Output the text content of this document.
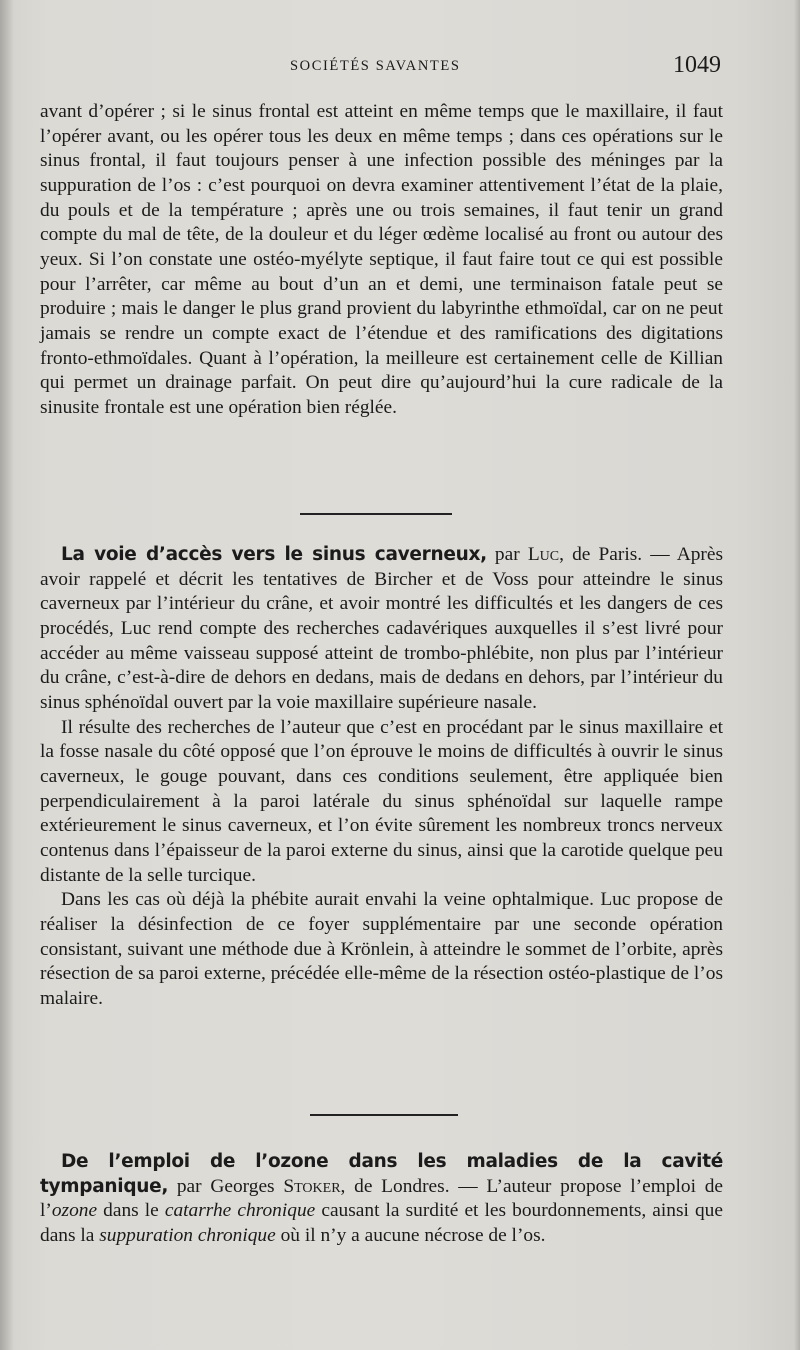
SOCIÉTÉS SAVANTES	1049

avant d’opérer ; si le sinus frontal est atteint en même temps que le maxillaire, il faut l’opérer avant, ou les opérer tous les deux en même temps ; dans ces opérations sur le sinus frontal, il faut toujours penser à une infection possible des méninges par la suppuration de l’os : c’est pourquoi on devra examiner attentivement l’état de la plaie, du pouls et de la température ; après une ou trois semaines, il faut tenir un grand compte du mal de tête, de la douleur et du léger œdème localisé au front ou autour des yeux. Si l’on constate une ostéo-myélyte septique, il faut faire tout ce qui est possible pour l’arrêter, car même au bout d’un an et demi, une terminaison fatale peut se produire ; mais le danger le plus grand provient du labyrinthe ethmoïdal, car on ne peut jamais se rendre un compte exact de l’étendue et des ramifications des digitations fronto-ethmoïdales. Quant à l’opération, la meilleure est certainement celle de Killian qui permet un drainage parfait. On peut dire qu’aujourd’hui la cure radicale de la sinusite frontale est une opération bien réglée.

La voie d’accès vers le sinus caverneux, par Luc, de Paris. — Après avoir rappelé et décrit les tentatives de Bircher et de Voss pour atteindre le sinus caverneux par l’intérieur du crâne, et avoir montré les difficultés et les dangers de ces procédés, Luc rend compte des recherches cadavériques auxquelles il s’est livré pour accéder au même vaisseau supposé atteint de trombo-phlébite, non plus par l’intérieur du crâne, c’est-à-dire de dehors en dedans, mais de dedans en dehors, par l’intérieur du sinus sphénoïdal ouvert par la voie maxillaire supérieure nasale.

Il résulte des recherches de l’auteur que c’est en procédant par le sinus maxillaire et la fosse nasale du côté opposé que l’on éprouve le moins de difficultés à ouvrir le sinus caverneux, le gouge pouvant, dans ces conditions seulement, être appliquée bien perpendiculairement à la paroi latérale du sinus sphénoïdal sur laquelle rampe extérieurement le sinus caverneux, et l’on évite sûrement les nombreux troncs nerveux contenus dans l’épaisseur de la paroi externe du sinus, ainsi que la carotide quelque peu distante de la selle turcique.

Dans les cas où déjà la phébite aurait envahi la veine ophtalmique. Luc propose de réaliser la désinfection de ce foyer supplémentaire par une seconde opération consistant, suivant une méthode due à Krönlein, à atteindre le sommet de l’orbite, après résection de sa paroi externe, précédée elle-même de la résection ostéo-plastique de l’os malaire.

De l’emploi de l’ozone dans les maladies de la cavité tympanique, par Georges Stoker, de Londres. — L’auteur propose l’emploi de l’ozone dans le catarrhe chronique causant la surdité et les bourdonnements, ainsi que dans la suppuration chronique où il n’y a aucune nécrose de l’os.
